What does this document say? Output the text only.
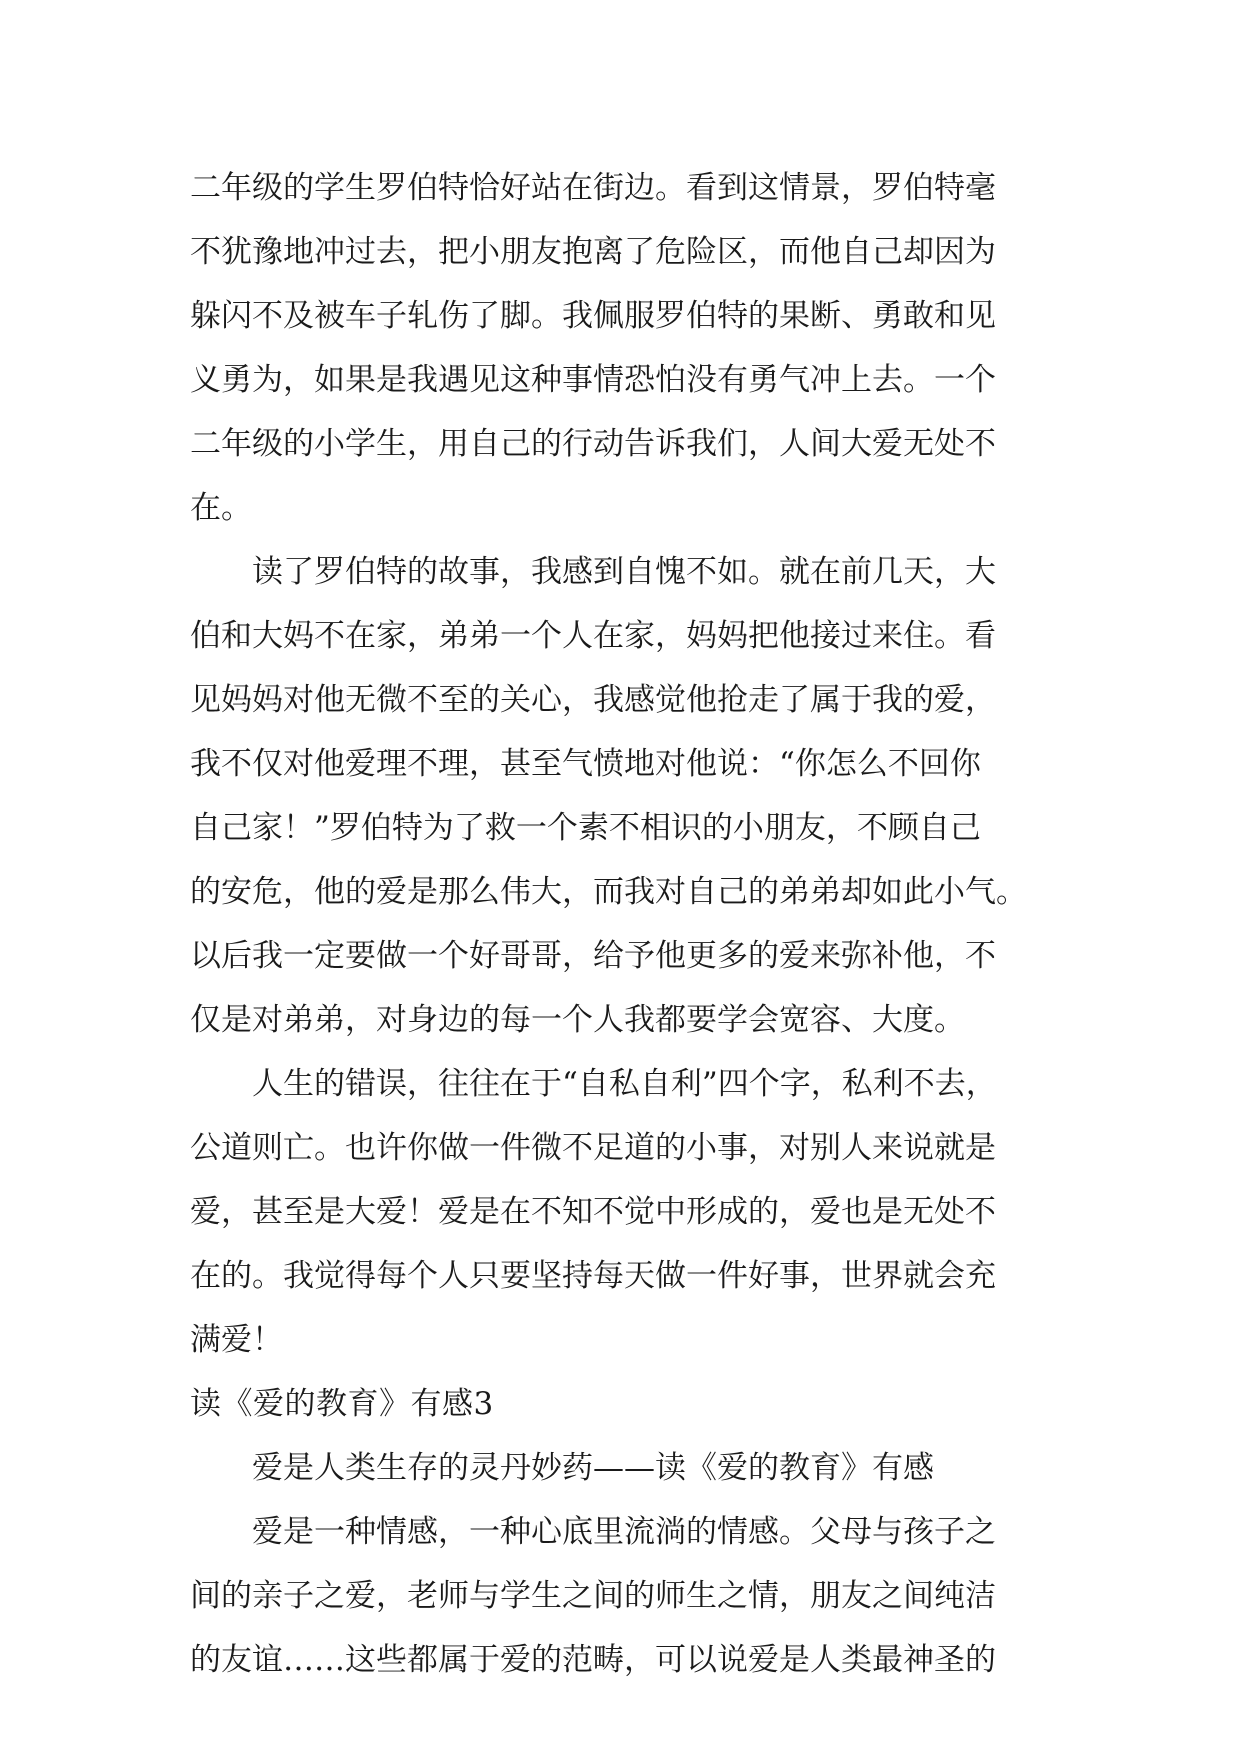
二年级的学生罗伯特恰好站在街边。看到这情景，罗伯特毫
不犹豫地冲过去，把小朋友抱离了危险区，而他自己却因为
躲闪不及被车子轧伤了脚。我佩服罗伯特的果断、勇敢和见
义勇为，如果是我遇见这种事情恐怕没有勇气冲上去。一个
二年级的小学生，用自己的行动告诉我们，人间大爱无处不
在。
读了罗伯特的故事，我感到自愧不如。就在前几天，大
伯和大妈不在家，弟弟一个人在家，妈妈把他接过来住。看
见妈妈对他无微不至的关心，我感觉他抢走了属于我的爱，
我不仅对他爱理不理，甚至气愤地对他说：“你怎么不回你
自己家！”罗伯特为了救一个素不相识的小朋友，不顾自己
的安危，他的爱是那么伟大，而我对自己的弟弟却如此小气。
以后我一定要做一个好哥哥，给予他更多的爱来弥补他，不
仅是对弟弟，对身边的每一个人我都要学会宽容、大度。
人生的错误，往往在于“自私自利”四个字，私利不去，
公道则亡。也许你做一件微不足道的小事，对别人来说就是
爱，甚至是大爱！爱是在不知不觉中形成的，爱也是无处不
在的。我觉得每个人只要坚持每天做一件好事，世界就会充
满爱！
读《爱的教育》有感3
爱是人类生存的灵丹妙药——读《爱的教育》有感
爱是一种情感，一种心底里流淌的情感。父母与孩子之
间的亲子之爱，老师与学生之间的师生之情，朋友之间纯洁
的友谊……这些都属于爱的范畴，可以说爱是人类最神圣的
